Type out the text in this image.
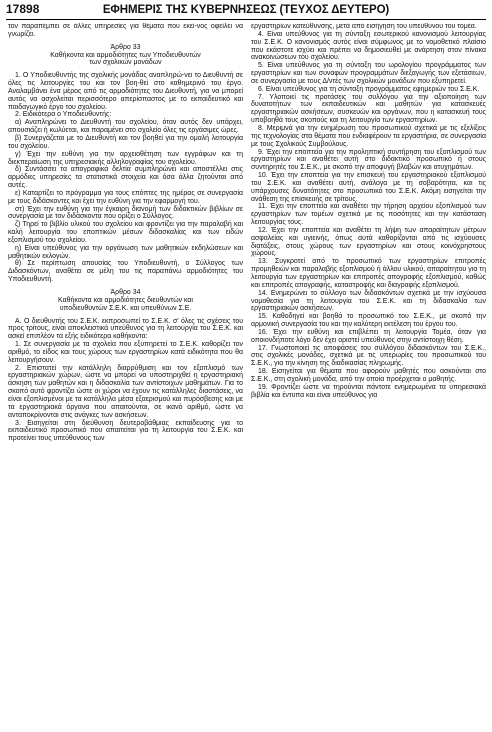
17898	ΕΦΗΜΕΡΙΣ ΤΗΣ ΚΥΒΕΡΝΗΣΕΩΣ (ΤΕΥΧΟΣ ΔΕΥΤΕΡΟ)

τον παραπέμπει σε άλλες υπηρεσίες για θέματα που εκεί-νος οφείλει να γνωρίζει.

Άρθρο 33

Καθήκοντα και αρμοδιότητες των Υποδιευθυντών

των σχολικών μονάδων

1. Ο Υποδιευθυντής της σχολικής μονάδας αναπληρώ-νει το Διευθυντή σε όλες τις λειτουργίες του και τον βοη-θεί στο καθημερινό του έργο. Αναλαμβάνει ένα μέρος από τις αρμοδιότητες του Διευθυντή, για να μπορεί αυτός να ασχολείται περισσότερο απερίσπαστος με το εκπαιδευτικό και παιδαγωγικό έργο του σχολείου.

2. Ειδικότερα ο Υποδιευθυντής:

α) Αναπληρώνει το Διευθυντή του σχολείου, όταν αυτός δεν υπάρχει, απουσιάζει ή κωλύεται, και παραμένει στο σχολείο όλες τις εργάσιμες ώρες.

β) Συνεργάζεται με το Διευθυντή και τον βοηθεί για την ομαλή λειτουργία του σχολείου.

γ) Έχει την ευθύνη για την αρχειοθέτηση των εγγράφων και τη διεκπεραίωση της υπηρεσιακής αλληλογραφίας του σχολείου.

δ) Συντάσσει τα απογραφικά δελτία συμπληρώνει και αποστέλλει στις αρμόδιες υπηρεσίες τα στατιστικά στοιχεία και όσα άλλα ζητούνται από αυτές.

ε) Καταρτίζει το πρόγραμμα για τους επόπτες της ημέρας σε συνεργασία με τους διδάσκοντες και έχει την ευθύνη για την εφαρμογή του.

στ) Έχει την ευθύνη για την έγκαιρη διανομή των διδακτικών βιβλίων σε συνεργασία με τον διδάσκοντα που ορίζει ο Σύλλογος.

ζ) Τηρεί το βιβλίο υλικού του σχολείου και φροντίζει για την παραλαβή και καλή λειτουργία του εποπτικών μέσων διδασκαλίας και των ειδών εξοπλισμού του σχολείου.

η) Είναι υπεύθυνος για την οργάνωση των μαθητικών εκδηλώσεων και μαθητικών εκλογών.

θ) Σε περίπτωση απουσίας του Υποδιευθυντή, ο Σύλλογος των Διδασκόντων, αναθέτει σε μέλη του τις παραπάνω αρμοδιότητες του Υποδιευθυντή.

Άρθρο 34

Καθήκοντα και αρμοδιότητες διευθυντών και

υποδιευθυντών Σ.Ε.Κ. και υπευθύνων Σ.Ε.

Α. Ο διευθυντής του Σ.Ε.Κ. εκπροσωπεί το Σ.Ε.Κ. σ' όλες τις σχέσεις του προς τρίτους, είναι αποκλειστικά υπεύθυνος για τη λειτουργία του Σ.Ε.Κ. και ασκεί επιπλέον τα εξής ειδικότερα καθήκοντα:

1. Σε συνεργασία με τα σχολεία που εξυπηρετεί το Σ.Ε.Κ. καθορίζει τον αριθμό, το είδος και τους χώρους των εργαστηρίων κατά ειδικότητα που θα λειτουργήσουν.

2. Επιστατεί την κατάλληλη διαρρύθμιση και τον εξοπλισμό των εργαστηριακών χώρων, ώστε να μπορεί να υποστηριχθεί η εργαστηριακή άσκηση των μαθητών και η διδασκαλία των αντίστοιχων μαθημάτων. Για το σκοπό αυτό φροντίζει ώστε οι χώροι να έχουν τις κατάλληλες διαστάσεις, να είναι εξοπλισμένοι με τα κατάλληλα μέσα εξαερισμού και πυρόσβεσης και με τα εργαστηριακά όργανα που απαιτούνται, σε ικανό αριθμό, ώστε να ανταποκρίνονται στις ανάγκες των ασκήσεων.

3. Εισηγείται στη διεύθυνση δευτεροβάθμιας εκπαίδευσης για το εκπαιδευτικό προσωπικό που απαιτείται για τη λειτουργία του Σ.Ε.Κ. και προτείνει τους υπεύθυνους των

εργαστηρίων κατεύθυνσης, μετά από εισήγηση του υπεύθυνου του τομέα.

4. Είναι υπεύθυνος για τη σύνταξη εσωτερικού κανονισμού λειτουργίας του Σ.Ε.Κ. Ο κανονισμός αυτός είναι σύμφωνος με το νομοθετικό πλαίσιο που εκάστοτε ισχύει και πρέπει να δημοσιευθεί με ανάρτηση στον πίνακα ανακοινώσεων του σχολείου.

5. Είναι υπεύθυνος για τη σύνταξη του ωρολογίου προγράμματος των εργαστηρίων και των συναφών προγραμμάτων διεξαγωγής των εξετάσεων, σε συνεργασία με τους Δ/ντές των σχολικών μονάδων που εξυπηρετεί.

6. Είναι υπεύθυνος για τη σύνταξη προγράμματος εφημεριών του Σ.Ε.Κ.

7. Υλοποιεί τις προτάσεις του συλλόγου για την αξιοποίηση των δυνατοτήτων των εκπαιδευτικών και μαθητών για κατασκευές εργαστηριακών ασκήσεων, συσκευών και οργάνων, που η κατασκευή τους υποβοηθά τους σκοπούς και τη λειτουργία των εργαστηρίων.

8. Μεριμνά για την ενημέρωση του προσωπικού σχετικά με τις εξελίξεις της τεχνολογίας στα θέματα που ενδιαφέρουν τα εργαστήρια, σε συνεργασία με τους Σχολικούς Συμβούλους.

9. Έχει την εποπτεία για την προληπτική συντήρηση του εξοπλισμού των εργαστηρίων και αναθέτει αυτή στο διδακτικό προσωπικό ή στους συντηρητές του Σ.Ε.Κ., με σκοπό την αποφυγή βλαβών και ατυχημάτων.

10. Έχει την εποπτεία για την επισκευή του εργαστηριακού εξοπλισμού του Σ.Ε.Κ. και αναθέτει αυτή, ανάλογα με τη σοβαρότητα, και τις υπάρχουσες δυνατότητες στο προσωπικό του Σ.Ε.Κ. Ακόμη εισηγείται την ανάθεση της επισκευής σε τρίτους.

11. Έχει την εποπτεία και αναθέτει την τήρηση αρχείου εξοπλισμού των εργαστηρίων των τομέων σχετικά με τις ποσότητες και την κατάσταση λειτουργίας τους.

12. Έχει την εποπτεία και αναθέτει τη λήψη των απαραίτητων μέτρων ασφαλείας και υγιεινής, όπως αυτά καθορίζονται από τις ισχύουσες διατάξεις, στους χώρους των εργαστηρίων και στους κοινόχρηστους χώρους.

13. Συγκροτεί από το προσωπικό των εργαστηρίων επιτροπές προμηθειών και παραλαβής εξοπλισμού ή άλλου υλικού, απαραίτητου για τη λειτουργία των εργαστηρίων και επιτροπές απογραφής εξοπλισμού, καθώς και επιτροπές απογραφής, καταστροφής και διαγραφής εξοπλισμού.

14. Ενημερώνει το σύλλογο των διδασκόντων σχετικά με την ισχύουσα νομοθεσία για τη λειτουργία του Σ.Ε.Κ. και τη διδασκαλία των εργαστηριακών ασκήσεων.

15. Καθοδηγεί και βοηθά το προσωπικό του Σ.Ε.Κ., με σκοπό την αρμονική συνεργασία του και την καλύτερη εκτέλεση του έργου του.

16. Έχει την ευθύνη και επιβλέπει τη λειτουργία Τομέα, όταν για οποιονδήποτε λόγο δεν έχει οριστεί υπεύθυνος στην αντίστοιχη θέση.

17. Γνωστοποιεί τις αποφάσεις του συλλόγου διδασκόντων του Σ.Ε.Κ., στις σχολικές μονάδες, σχετικά με τις υπερωρίες του προσωπικού του Σ.Ε.Κ., για την κίνηση της διαδικασίας πληρωμής.

18. Εισηγείται για θέματα που αφορούν μαθητές που ασκούνται στο Σ.Ε.Κ., στη σχολική μονάδα, από την οποία προέρχεται ο μαθητής.

19. Φροντίζει ώστε να τηρούνται πάντοτε ενημερωμένα τα υπηρεσιακά βιβλία και έντυπα και είναι υπεύθυνος για
